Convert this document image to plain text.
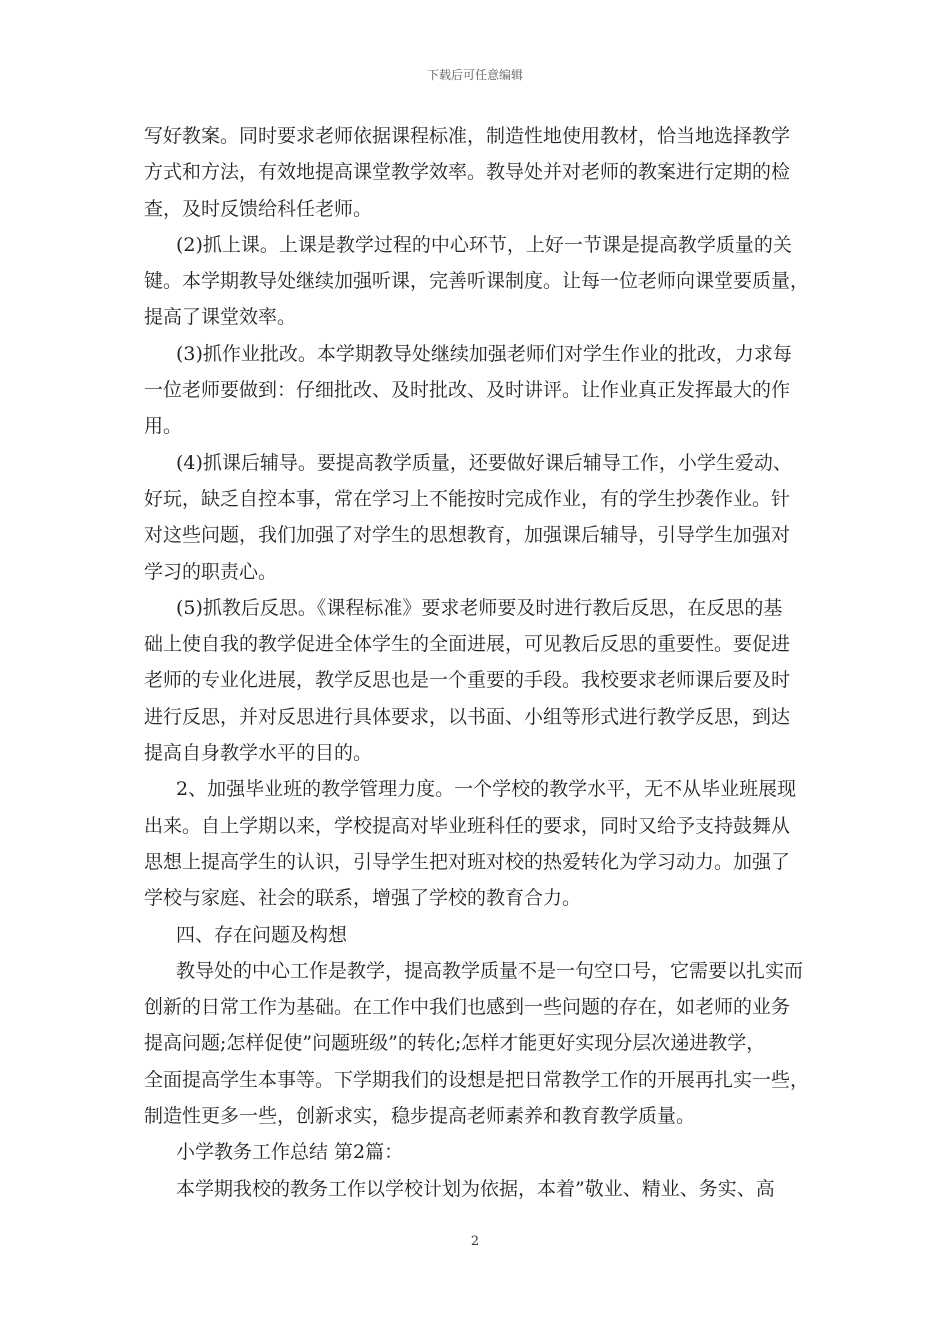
下载后可任意编辑
写好教案。同时要求老师依据课程标准，制造性地使用教材，恰当地选择教学
方式和方法，有效地提高课堂教学效率。教导处并对老师的教案进行定期的检
查，及时反馈给科任老师。
(2)抓上课。上课是教学过程的中心环节，上好一节课是提高教学质量的关
键。本学期教导处继续加强听课，完善听课制度。让每一位老师向课堂要质量，
提高了课堂效率。
(3)抓作业批改。本学期教导处继续加强老师们对学生作业的批改，力求每
一位老师要做到：仔细批改、及时批改、及时讲评。让作业真正发挥最大的作
用。
(4)抓课后辅导。要提高教学质量，还要做好课后辅导工作，小学生爱动、
好玩，缺乏自控本事，常在学习上不能按时完成作业，有的学生抄袭作业。针
对这些问题，我们加强了对学生的思想教育，加强课后辅导，引导学生加强对
学习的职责心。
(5)抓教后反思。《课程标准》要求老师要及时进行教后反思，在反思的基
础上使自我的教学促进全体学生的全面进展，可见教后反思的重要性。要促进
老师的专业化进展，教学反思也是一个重要的手段。我校要求老师课后要及时
进行反思，并对反思进行具体要求，以书面、小组等形式进行教学反思，到达
提高自身教学水平的目的。
2、加强毕业班的教学管理力度。一个学校的教学水平，无不从毕业班展现
出来。自上学期以来，学校提高对毕业班科任的要求，同时又给予支持鼓舞从
思想上提高学生的认识，引导学生把对班对校的热爱转化为学习动力。加强了
学校与家庭、社会的联系，增强了学校的教育合力。
四、存在问题及构想
教导处的中心工作是教学，提高教学质量不是一句空口号，它需要以扎实而
创新的日常工作为基础。在工作中我们也感到一些问题的存在，如老师的业务
提高问题;怎样促使”问题班级”的转化;怎样才能更好实现分层次递进教学，
全面提高学生本事等。下学期我们的设想是把日常教学工作的开展再扎实一些，
制造性更多一些，创新求实，稳步提高老师素养和教育教学质量。
小学教务工作总结 第2篇：
本学期我校的教务工作以学校计划为依据，本着”敬业、精业、务实、高
2
